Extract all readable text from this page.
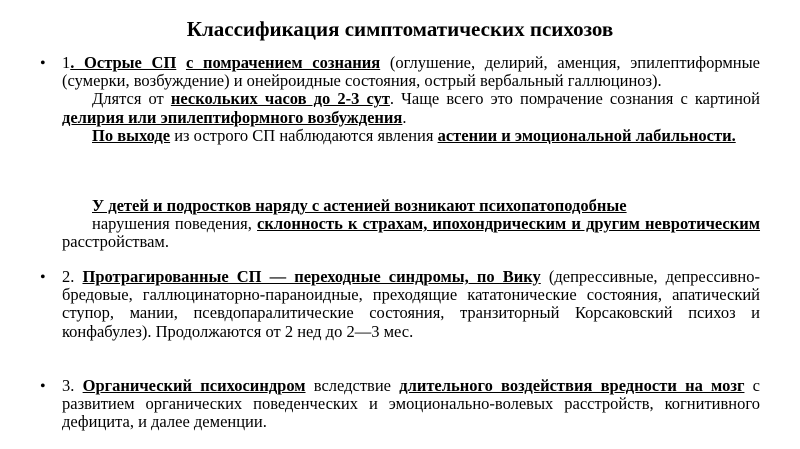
Классификация симптоматических психозов
• 1. Острые СП с помрачением сознания (оглушение, делирий, аменция, эпилептиформные (сумерки, возбуждение) и онейроидные состояния, острый вербальный галлюциноз).
Длятся от нескольких часов до 2-3 сут. Чаще всего это помрачение сознания с картиной делирия или эпилептиформного возбуждения.
По выходе из острого СП наблюдаются явления астении и эмоциональной лабильности.
У детей и подростков наряду с астенией возникают психопатоподобные
нарушения поведения, склонность к страхам, ипохондрическим и другим невротическим расстройствам.
• 2. Протрагированные СП — переходные синдромы, по Вику (депрессивные, депрессивно-бредовые, галлюцинаторно-параноидные, преходящие кататонические состояния, апатический ступор, мании, псевдопаралитические состояния, транзиторный Корсаковский психоз и конфабулез). Продолжаются от 2 нед до 2—3 мес.
• 3. Органический психосиндром вследствие длительного воздействия вредности на мозг с развитием органических поведенческих и эмоционально-волевых расстройств, когнитивного дефицита, и далее деменции.
